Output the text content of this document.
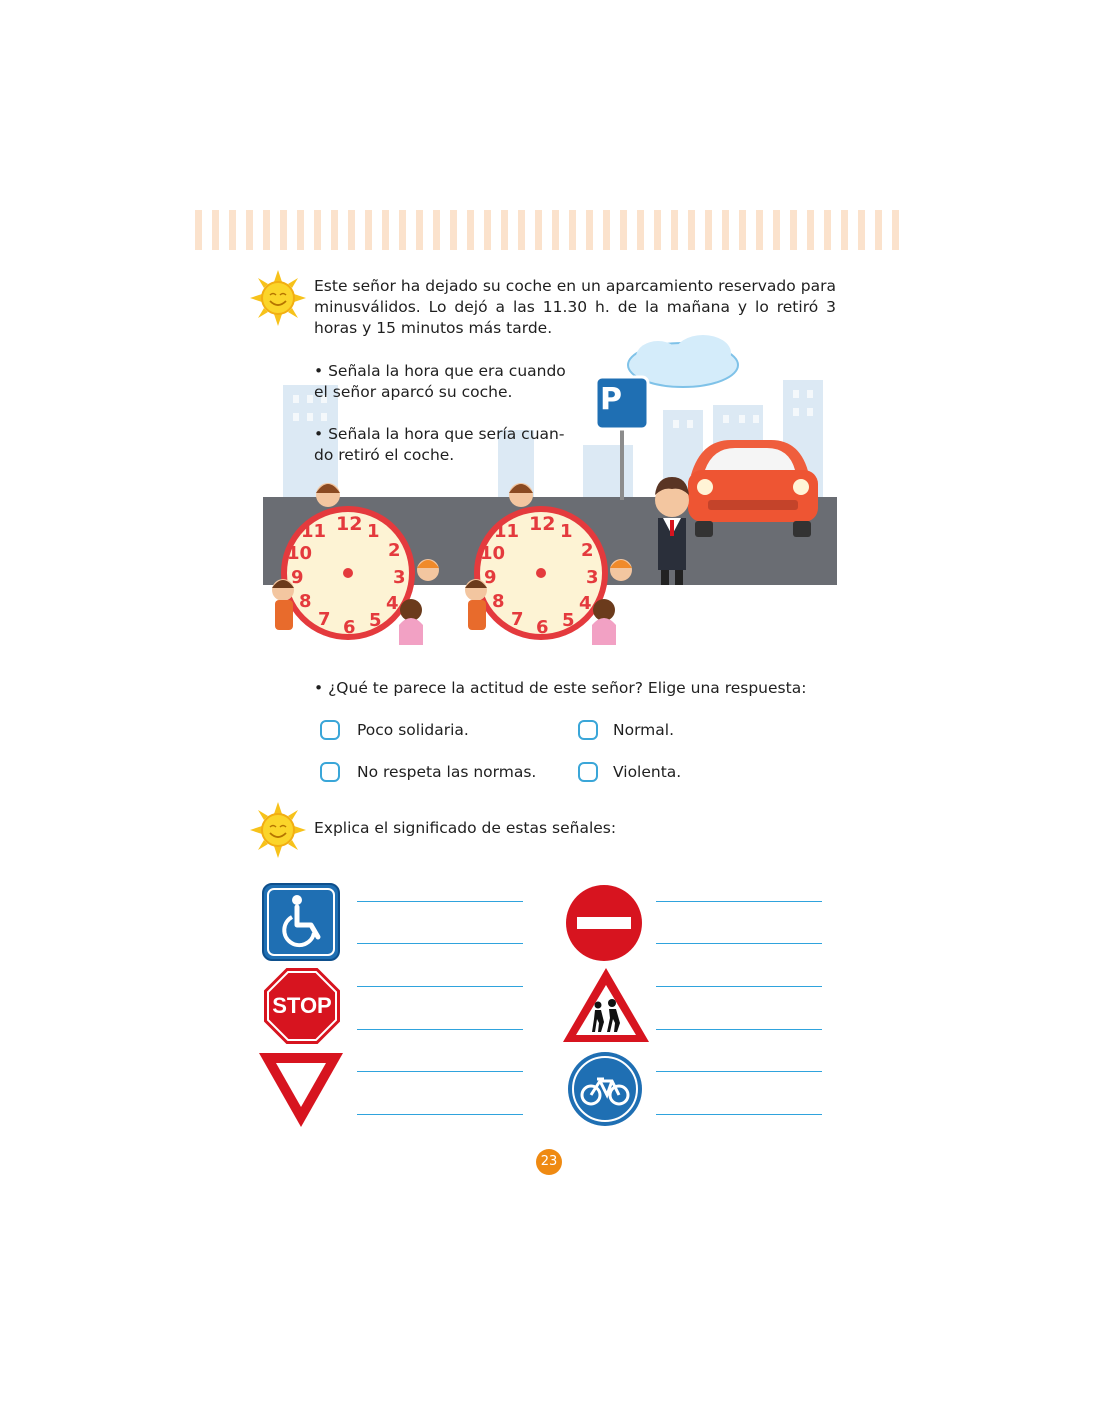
Este señor ha dejado su coche en un aparcamiento reservado para minusválidos. Lo dejó a las 11.30 h. de la mañana y lo retiró 3 horas y 15 minutos más tarde.
P
12 1
2
3
4
5
6
7
8
9
10
11	12 1
2
3
4
5
6
7
8
9
10
11
• Señala la hora que era cuando el señor aparcó su coche.
• Señala la hora que sería cuan-do retiró el coche.
• ¿Qué te parece la actitud de este señor? Elige una respuesta:
Poco solidaria.	Normal.
No respeta las normas.	Violenta.
Explica el significado de estas señales:
STOP
23
